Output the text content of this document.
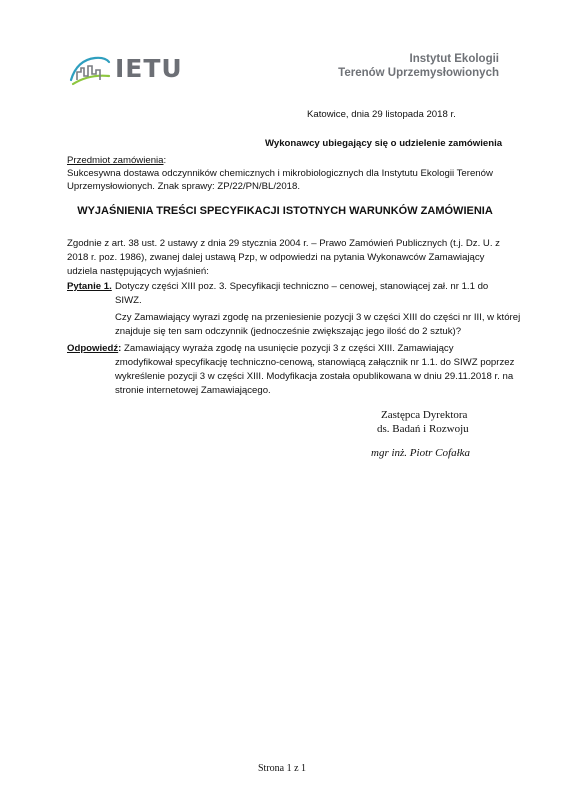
IETU	Instytut Ekologii
Terenów Uprzemysłowionych
Katowice, dnia 29 listopada 2018 r.
Wykonawcy ubiegający się o udzielenie zamówienia
Przedmiot zamówienia:
Sukcesywna dostawa odczynników chemicznych i mikrobiologicznych dla Instytutu Ekologii Terenów
Uprzemysłowionych. Znak sprawy: ZP/22/PN/BL/2018.
WYJAŚNIENIA TREŚCI SPECYFIKACJI ISTOTNYCH WARUNKÓW ZAMÓWIENIA
Zgodnie z art. 38 ust. 2 ustawy z dnia 29 stycznia 2004 r. – Prawo Zamówień Publicznych (t.j. Dz. U. z
2018 r. poz. 1986), zwanej dalej ustawą Pzp, w odpowiedzi na pytania Wykonawców Zamawiający
udziela następujących wyjaśnień:
Pytanie 1. Dotyczy części XIII poz. 3. Specyfikacji techniczno – cenowej, stanowiącej zał. nr 1.1 do
SIWZ.
Czy Zamawiający wyrazi zgodę na przeniesienie pozycji 3 w części XIII do części nr III, w której
znajduje się ten sam odczynnik (jednocześnie zwiększając jego ilość do 2 sztuk)?
Odpowiedź: Zamawiający wyraża zgodę na usunięcie pozycji 3 z części XIII. Zamawiający
zmodyfikował specyfikację techniczno-cenową, stanowiącą załącznik nr 1.1. do SIWZ poprzez
wykreślenie pozycji 3 w części XIII. Modyfikacja została opublikowana w dniu 29.11.2018 r. na
stronie internetowej Zamawiającego.
Zastępca Dyrektora
ds. Badań i Rozwoju
mgr inż. Piotr Cofałka
Strona 1 z 1
